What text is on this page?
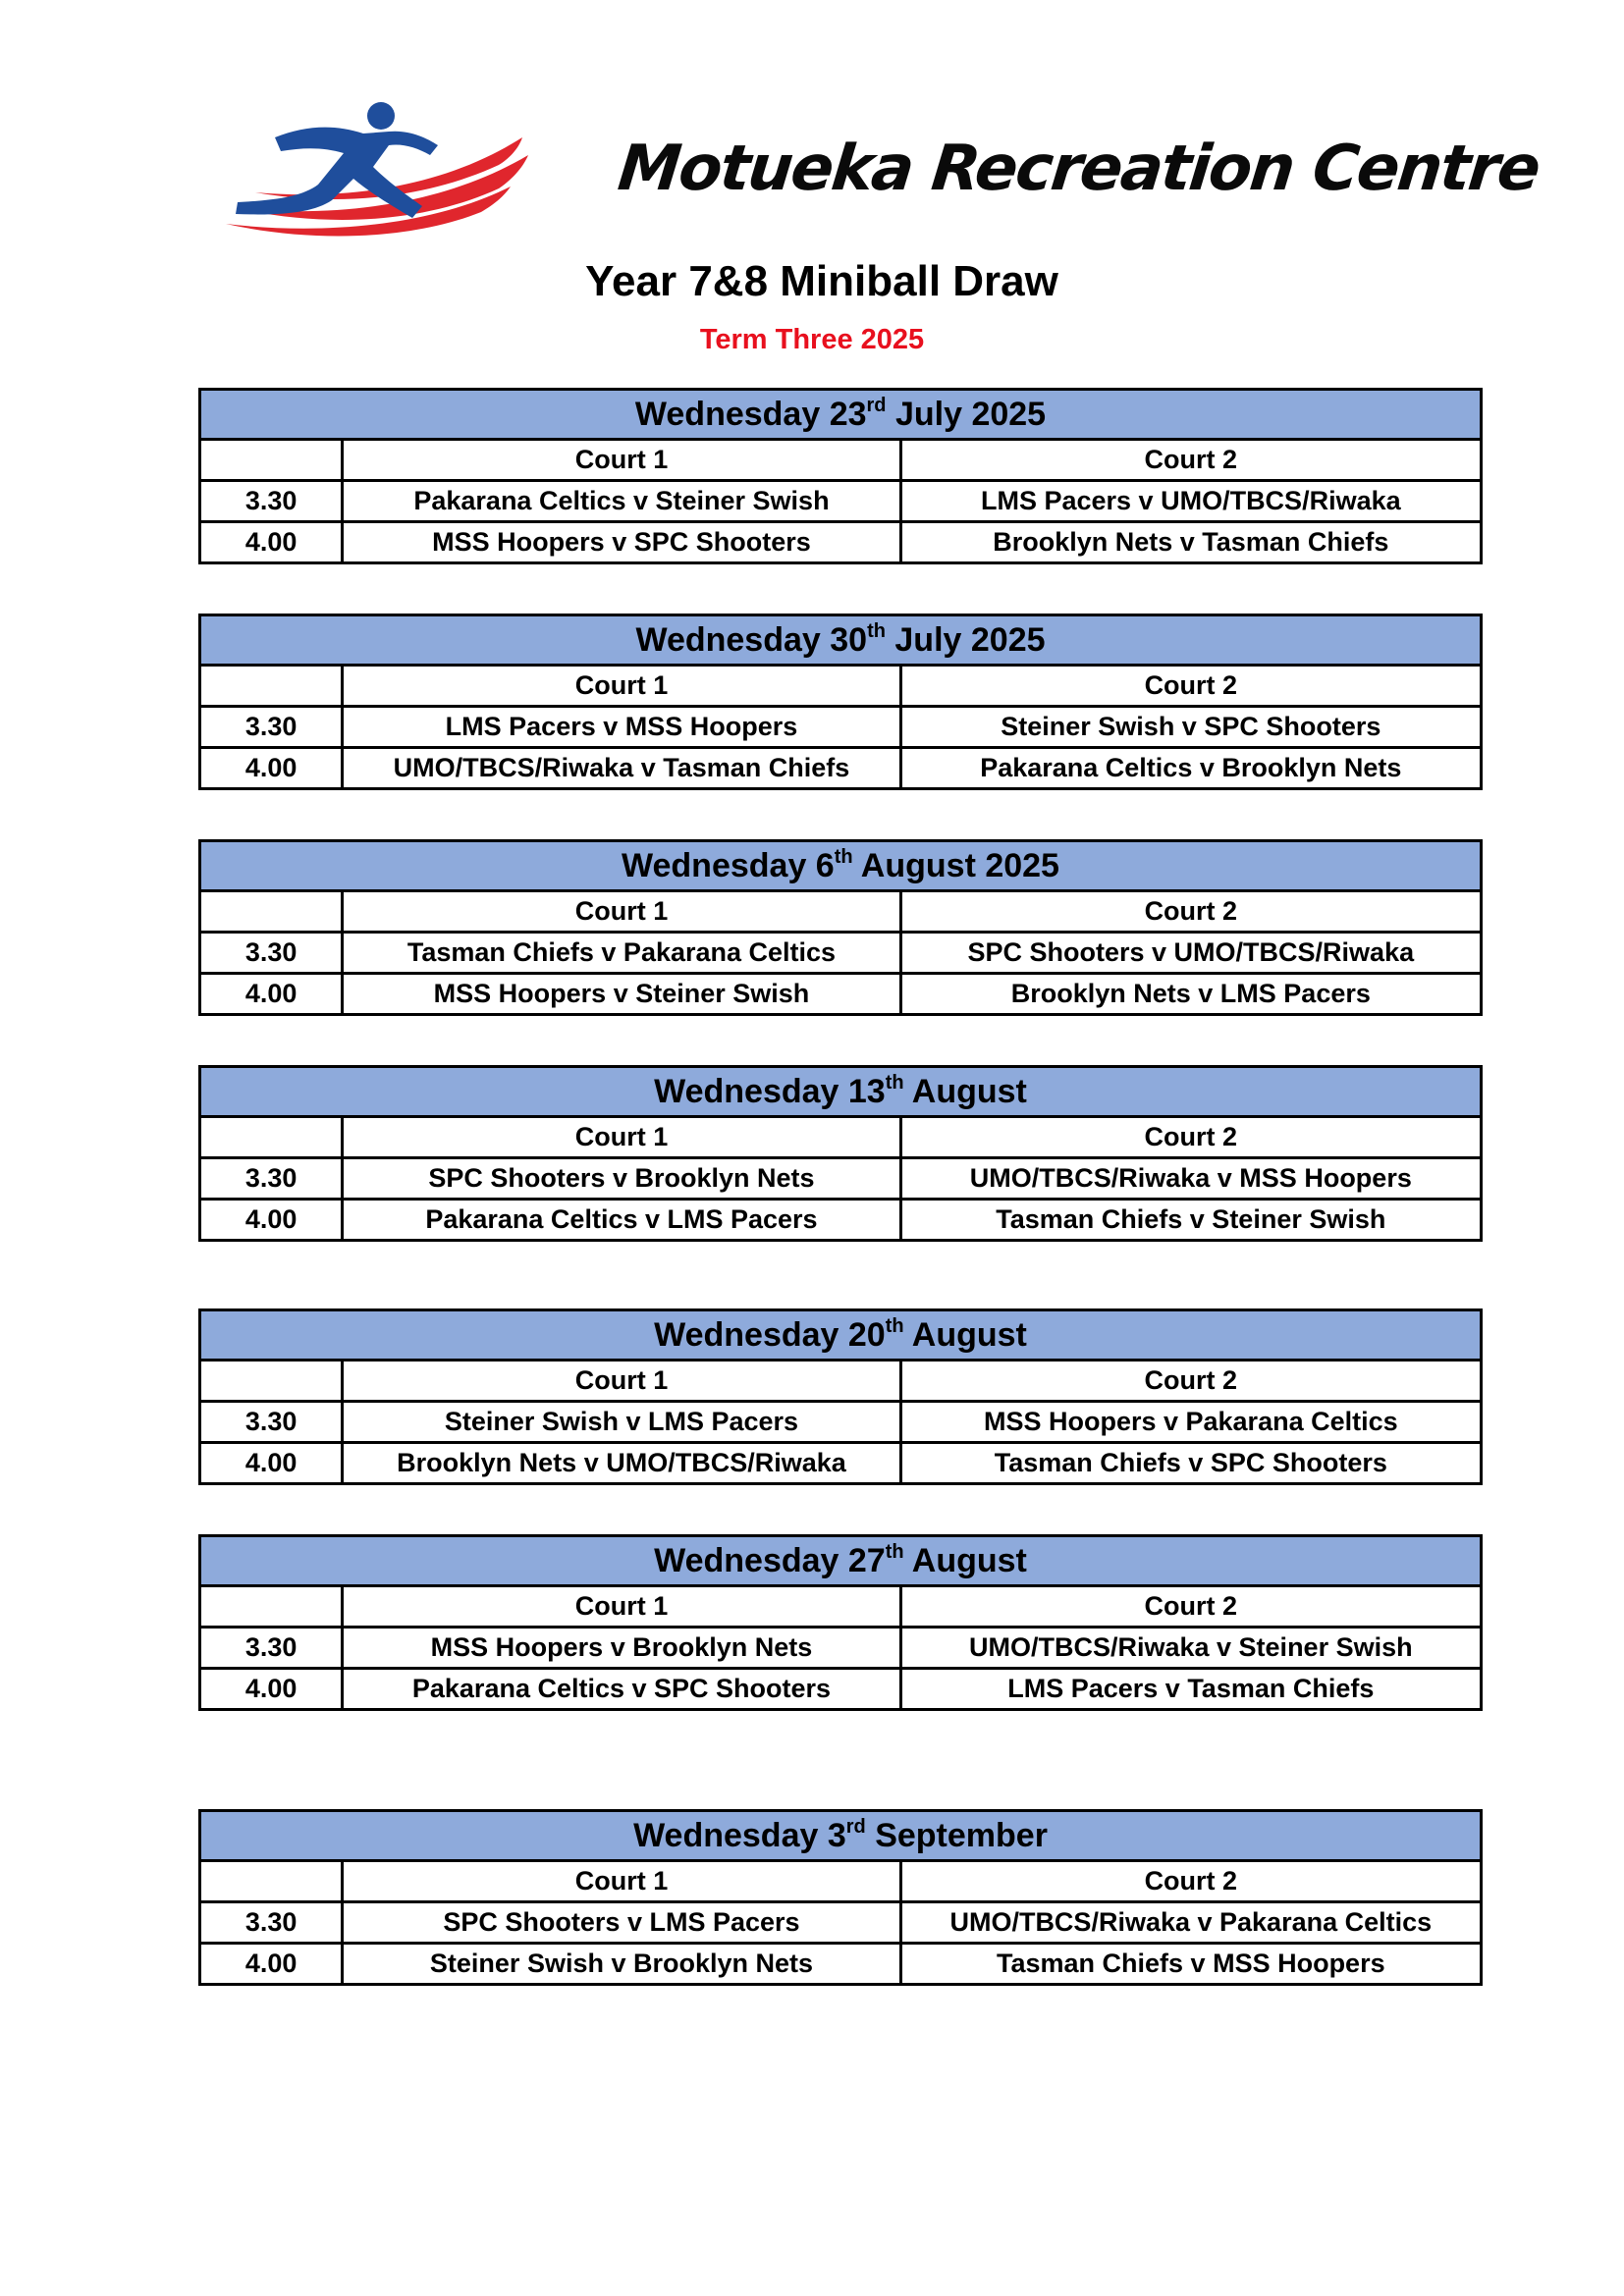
Motueka Recreation Centre
Year 7&8 Miniball Draw
Term Three 2025
Wednesday 23rd July 2025		
	Court 1	Court 2
3.30	Pakarana Celtics v Steiner Swish	LMS Pacers v UMO/TBCS/Riwaka
4.00	MSS Hoopers v SPC Shooters	Brooklyn Nets v Tasman Chiefs
Wednesday 30th July 2025		
	Court 1	Court 2
3.30	LMS Pacers v MSS Hoopers	Steiner Swish v SPC Shooters
4.00	UMO/TBCS/Riwaka v Tasman Chiefs	Pakarana Celtics v Brooklyn Nets
Wednesday 6th August 2025		
	Court 1	Court 2
3.30	Tasman Chiefs v Pakarana Celtics	SPC Shooters v UMO/TBCS/Riwaka
4.00	MSS Hoopers v Steiner Swish	Brooklyn Nets v LMS Pacers
Wednesday 13th August		
	Court 1	Court 2
3.30	SPC Shooters v Brooklyn Nets	UMO/TBCS/Riwaka v MSS Hoopers
4.00	Pakarana Celtics v LMS Pacers	Tasman Chiefs v Steiner Swish
Wednesday 20th August		
	Court 1	Court 2
3.30	Steiner Swish v LMS Pacers	MSS Hoopers v Pakarana Celtics
4.00	Brooklyn Nets v UMO/TBCS/Riwaka	Tasman Chiefs v SPC Shooters
Wednesday 27th August		
	Court 1	Court 2
3.30	MSS Hoopers v Brooklyn Nets	UMO/TBCS/Riwaka v Steiner Swish
4.00	Pakarana Celtics v SPC Shooters	LMS Pacers v Tasman Chiefs
Wednesday 3rd September		
	Court 1	Court 2
3.30	SPC Shooters v LMS Pacers	UMO/TBCS/Riwaka v Pakarana Celtics
4.00	Steiner Swish v Brooklyn Nets	Tasman Chiefs v MSS Hoopers
